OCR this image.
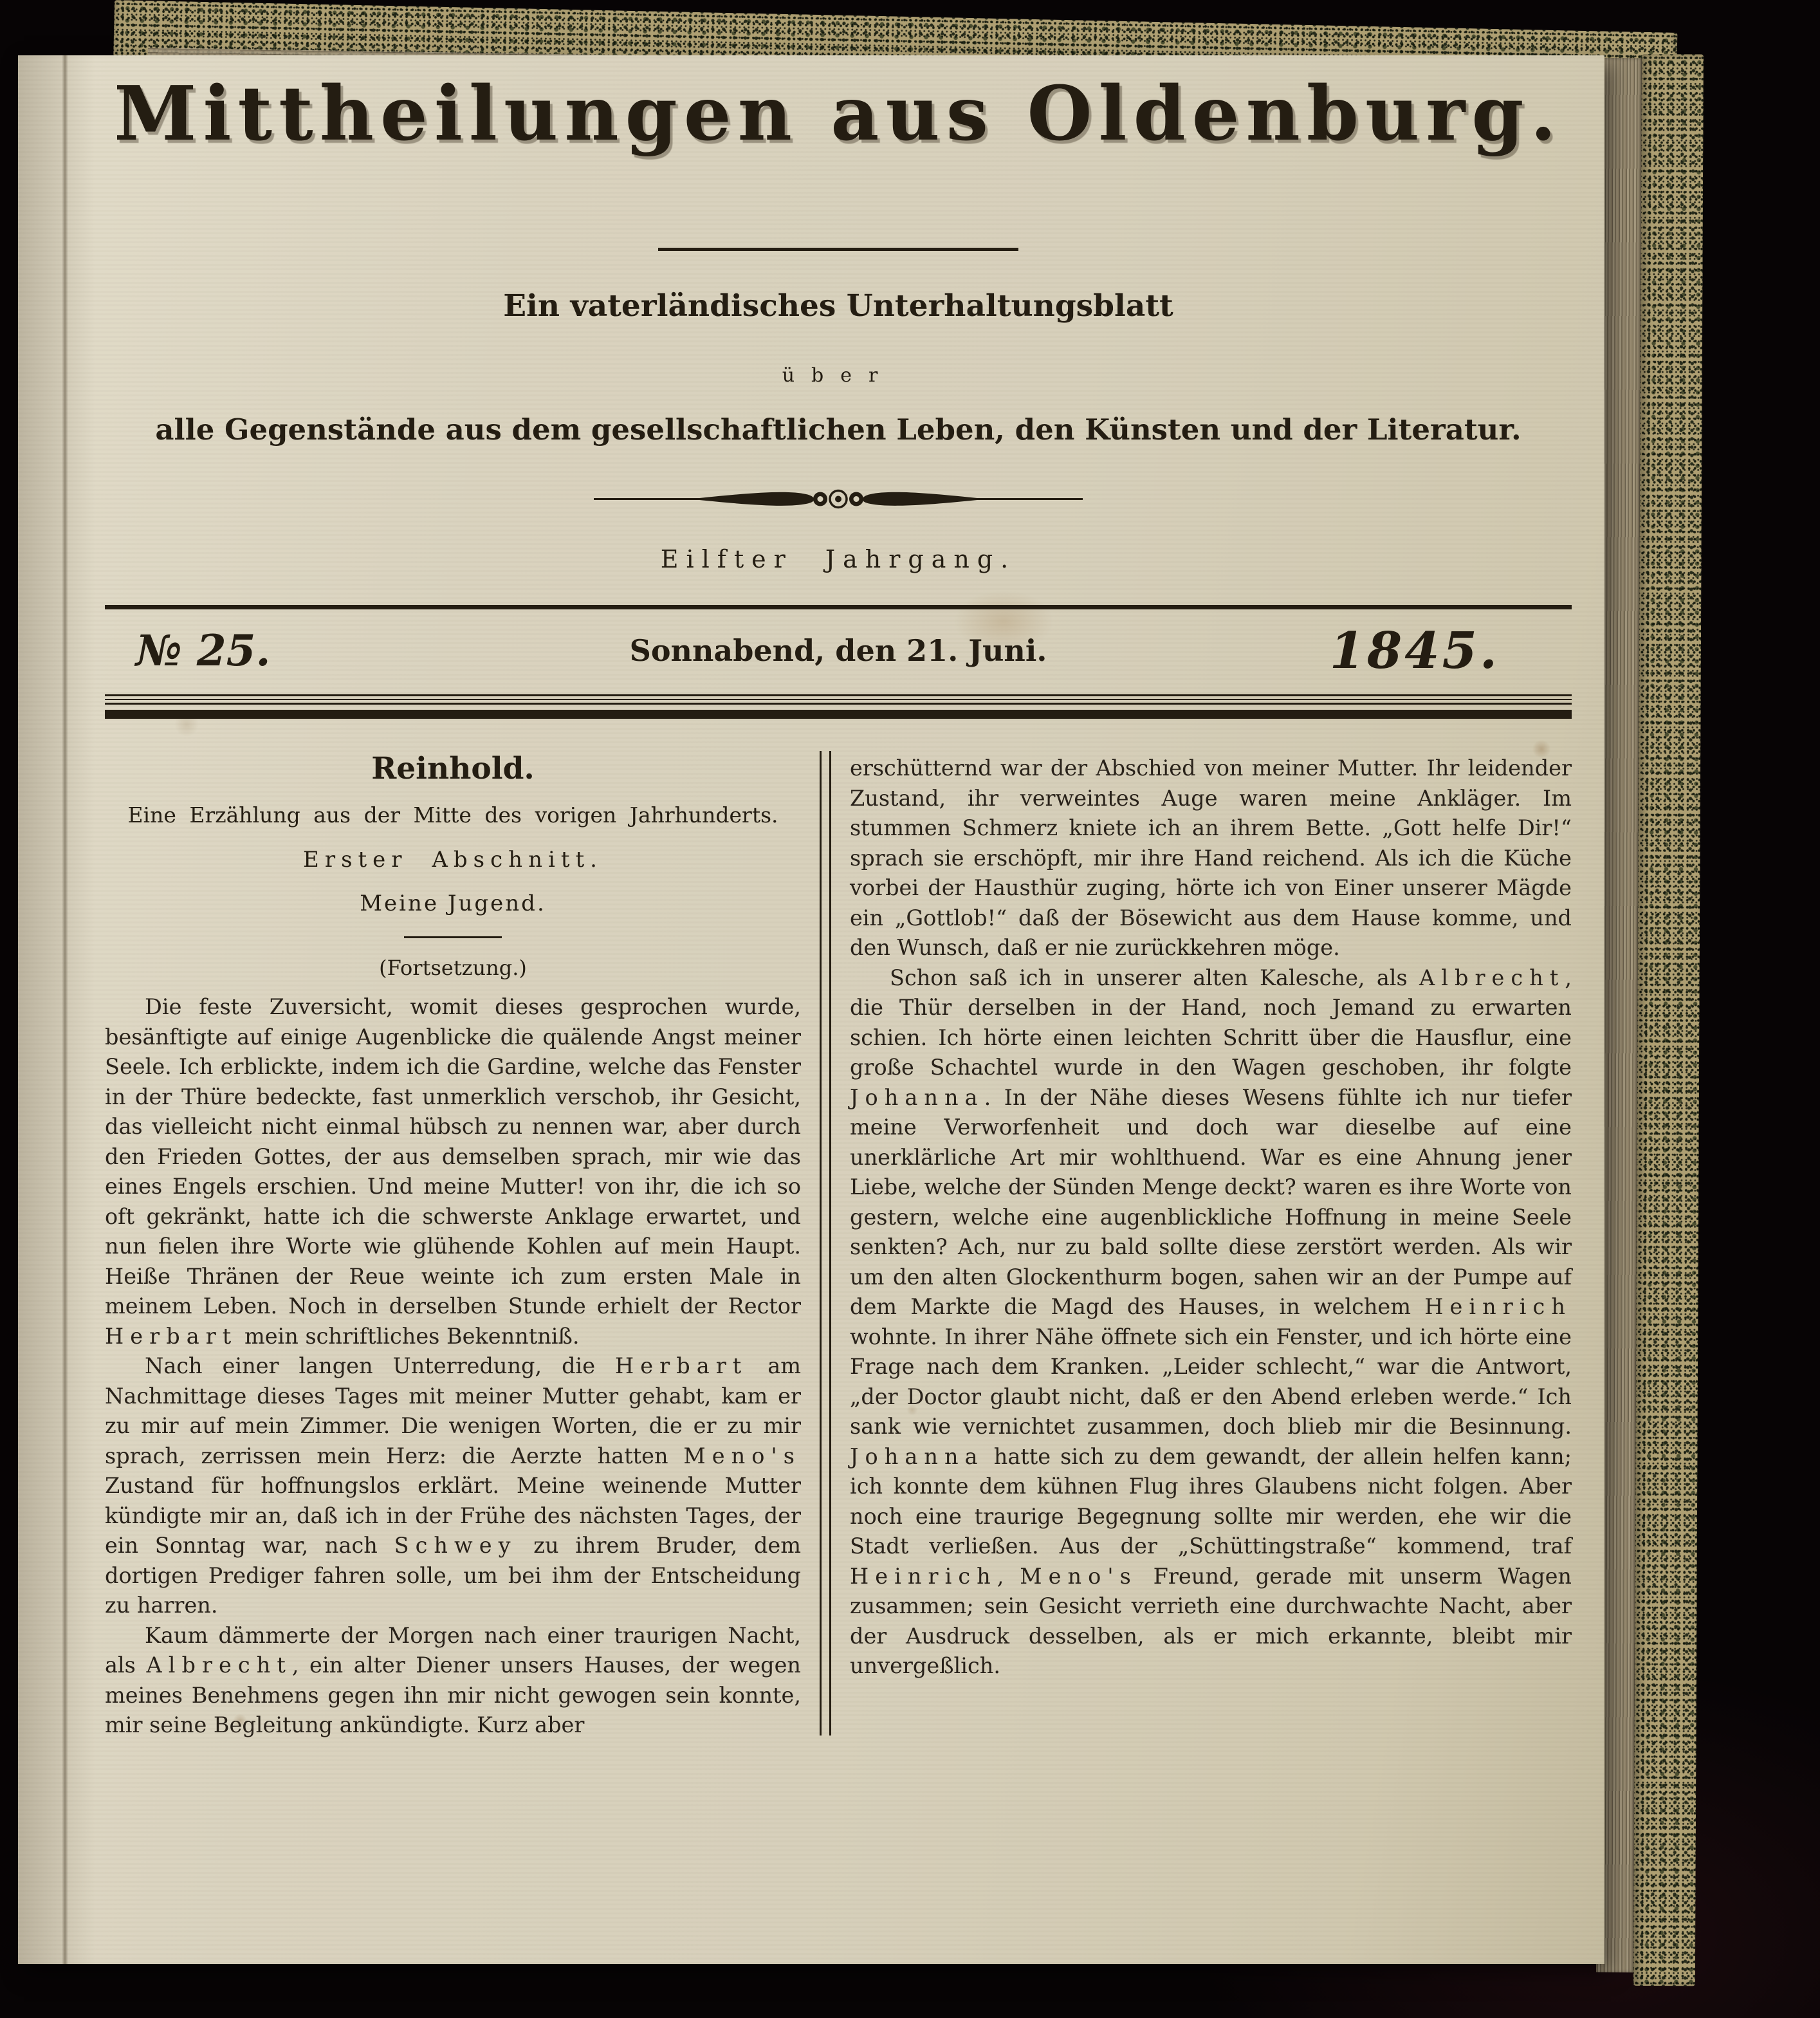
Mittheilungen aus Oldenburg.
Ein vaterländisches Unterhaltungsblatt
über
alle Gegenstände aus dem gesellschaftlichen Leben, den Künsten und der Literatur.
Eilfter Jahrgang.
№ 25.	Sonnabend, den 21. Juni.	1845.
Reinhold.
Eine Erzählung aus der Mitte des vorigen Jahrhunderts.
Erster Abschnitt.
Meine Jugend.
(Fortsetzung.)

Die feste Zuversicht, womit dieses gesprochen wurde, besänftigte auf einige Augenblicke die quälende Angst meiner Seele. Ich erblickte, indem ich die Gardine, welche das Fenster in der Thüre bedeckte, fast unmerklich verschob, ihr Gesicht, das vielleicht nicht einmal hübsch zu nennen war, aber durch den Frieden Gottes, der aus demselben sprach, mir wie das eines Engels erschien. Und meine Mutter! von ihr, die ich so oft gekränkt, hatte ich die schwerste Anklage erwartet, und nun fielen ihre Worte wie glühende Kohlen auf mein Haupt. Heiße Thränen der Reue weinte ich zum ersten Male in meinem Leben. Noch in derselben Stunde erhielt der Rector Herbart mein schriftliches Bekenntniß.

Nach einer langen Unterredung, die Herbart am Nachmittage dieses Tages mit meiner Mutter gehabt, kam er zu mir auf mein Zimmer. Die wenigen Worten, die er zu mir sprach, zerrissen mein Herz: die Aerzte hatten Meno's Zustand für hoffnungslos erklärt. Meine weinende Mutter kündigte mir an, daß ich in der Frühe des nächsten Tages, der ein Sonntag war, nach Schwey zu ihrem Bruder, dem dortigen Prediger fahren solle, um bei ihm der Entscheidung zu harren.

Kaum dämmerte der Morgen nach einer traurigen Nacht, als Albrecht, ein alter Diener unsers Hauses, der wegen meines Benehmens gegen ihn mir nicht gewogen sein konnte, mir seine Begleitung ankündigte. Kurz aber

erschütternd war der Abschied von meiner Mutter. Ihr leidender Zustand, ihr verweintes Auge waren meine Ankläger. Im stummen Schmerz kniete ich an ihrem Bette. „Gott helfe Dir!“ sprach sie erschöpft, mir ihre Hand reichend. Als ich die Küche vorbei der Hausthür zuging, hörte ich von Einer unserer Mägde ein „Gottlob!“ daß der Bösewicht aus dem Hause komme, und den Wunsch, daß er nie zurückkehren möge.

Schon saß ich in unserer alten Kalesche, als Albrecht, die Thür derselben in der Hand, noch Jemand zu erwarten schien. Ich hörte einen leichten Schritt über die Hausflur, eine große Schachtel wurde in den Wagen geschoben, ihr folgte Johanna. In der Nähe dieses Wesens fühlte ich nur tiefer meine Verworfenheit und doch war dieselbe auf eine unerklärliche Art mir wohlthuend. War es eine Ahnung jener Liebe, welche der Sünden Menge deckt? waren es ihre Worte von gestern, welche eine augenblickliche Hoffnung in meine Seele senkten? Ach, nur zu bald sollte diese zerstört werden. Als wir um den alten Glockenthurm bogen, sahen wir an der Pumpe auf dem Markte die Magd des Hauses, in welchem Heinrich wohnte. In ihrer Nähe öffnete sich ein Fenster, und ich hörte eine Frage nach dem Kranken. „Leider schlecht,“ war die Antwort, „der Doctor glaubt nicht, daß er den Abend erleben werde.“ Ich sank wie vernichtet zusammen, doch blieb mir die Besinnung. Johanna hatte sich zu dem gewandt, der allein helfen kann; ich konnte dem kühnen Flug ihres Glaubens nicht folgen. Aber noch eine traurige Begegnung sollte mir werden, ehe wir die Stadt verließen. Aus der „Schüttingstraße“ kommend, traf Heinrich, Meno's Freund, gerade mit unserm Wagen zusammen; sein Gesicht verrieth eine durchwachte Nacht, aber der Ausdruck desselben, als er mich erkannte, bleibt mir unvergeßlich.
